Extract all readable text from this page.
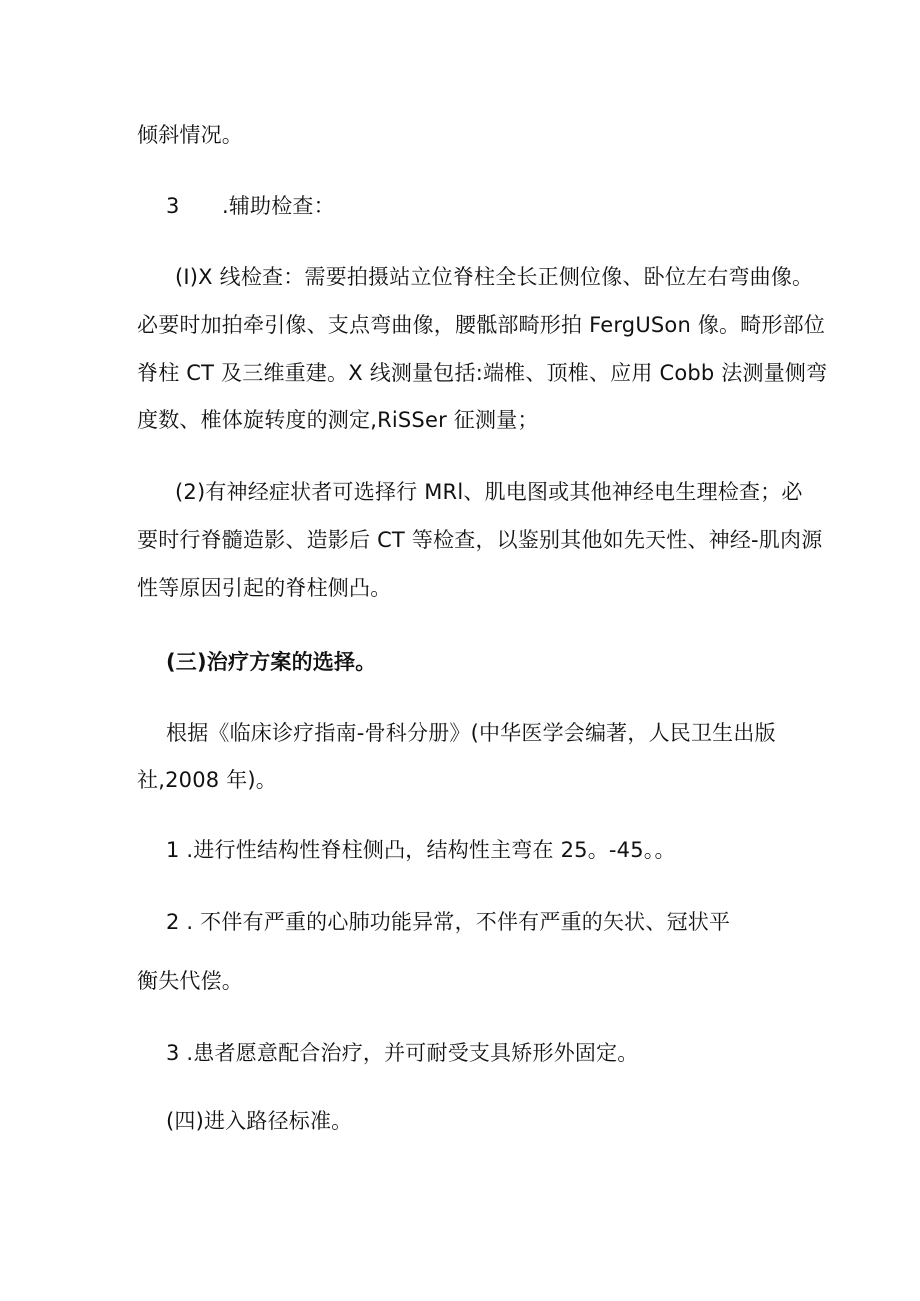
倾斜情况。
3　　.辅助检查：
(I)X 线检查：需要拍摄站立位脊柱全长正侧位像、卧位左右弯曲像。
必要时加拍牵引像、支点弯曲像，腰骶部畸形拍 FergUSon 像。畸形部位
脊柱 CT 及三维重建。X 线测量包括:端椎、顶椎、应用 Cobb 法测量侧弯
度数、椎体旋转度的测定,RiSSer 征测量；
(2)有神经症状者可选择行 MRl、肌电图或其他神经电生理检查；必
要时行脊髓造影、造影后 CT 等检查，以鉴别其他如先天性、神经-肌肉源
性等原因引起的脊柱侧凸。
(三)治疗方案的选择。
根据《临床诊疗指南-骨科分册》(中华医学会编著，人民卫生出版
社,2008 年)。
1 .进行性结构性脊柱侧凸，结构性主弯在 25。-45。。
2 . 不伴有严重的心肺功能异常，不伴有严重的矢状、冠状平
衡失代偿。
3 .患者愿意配合治疗，并可耐受支具矫形外固定。
(四)进入路径标准。
